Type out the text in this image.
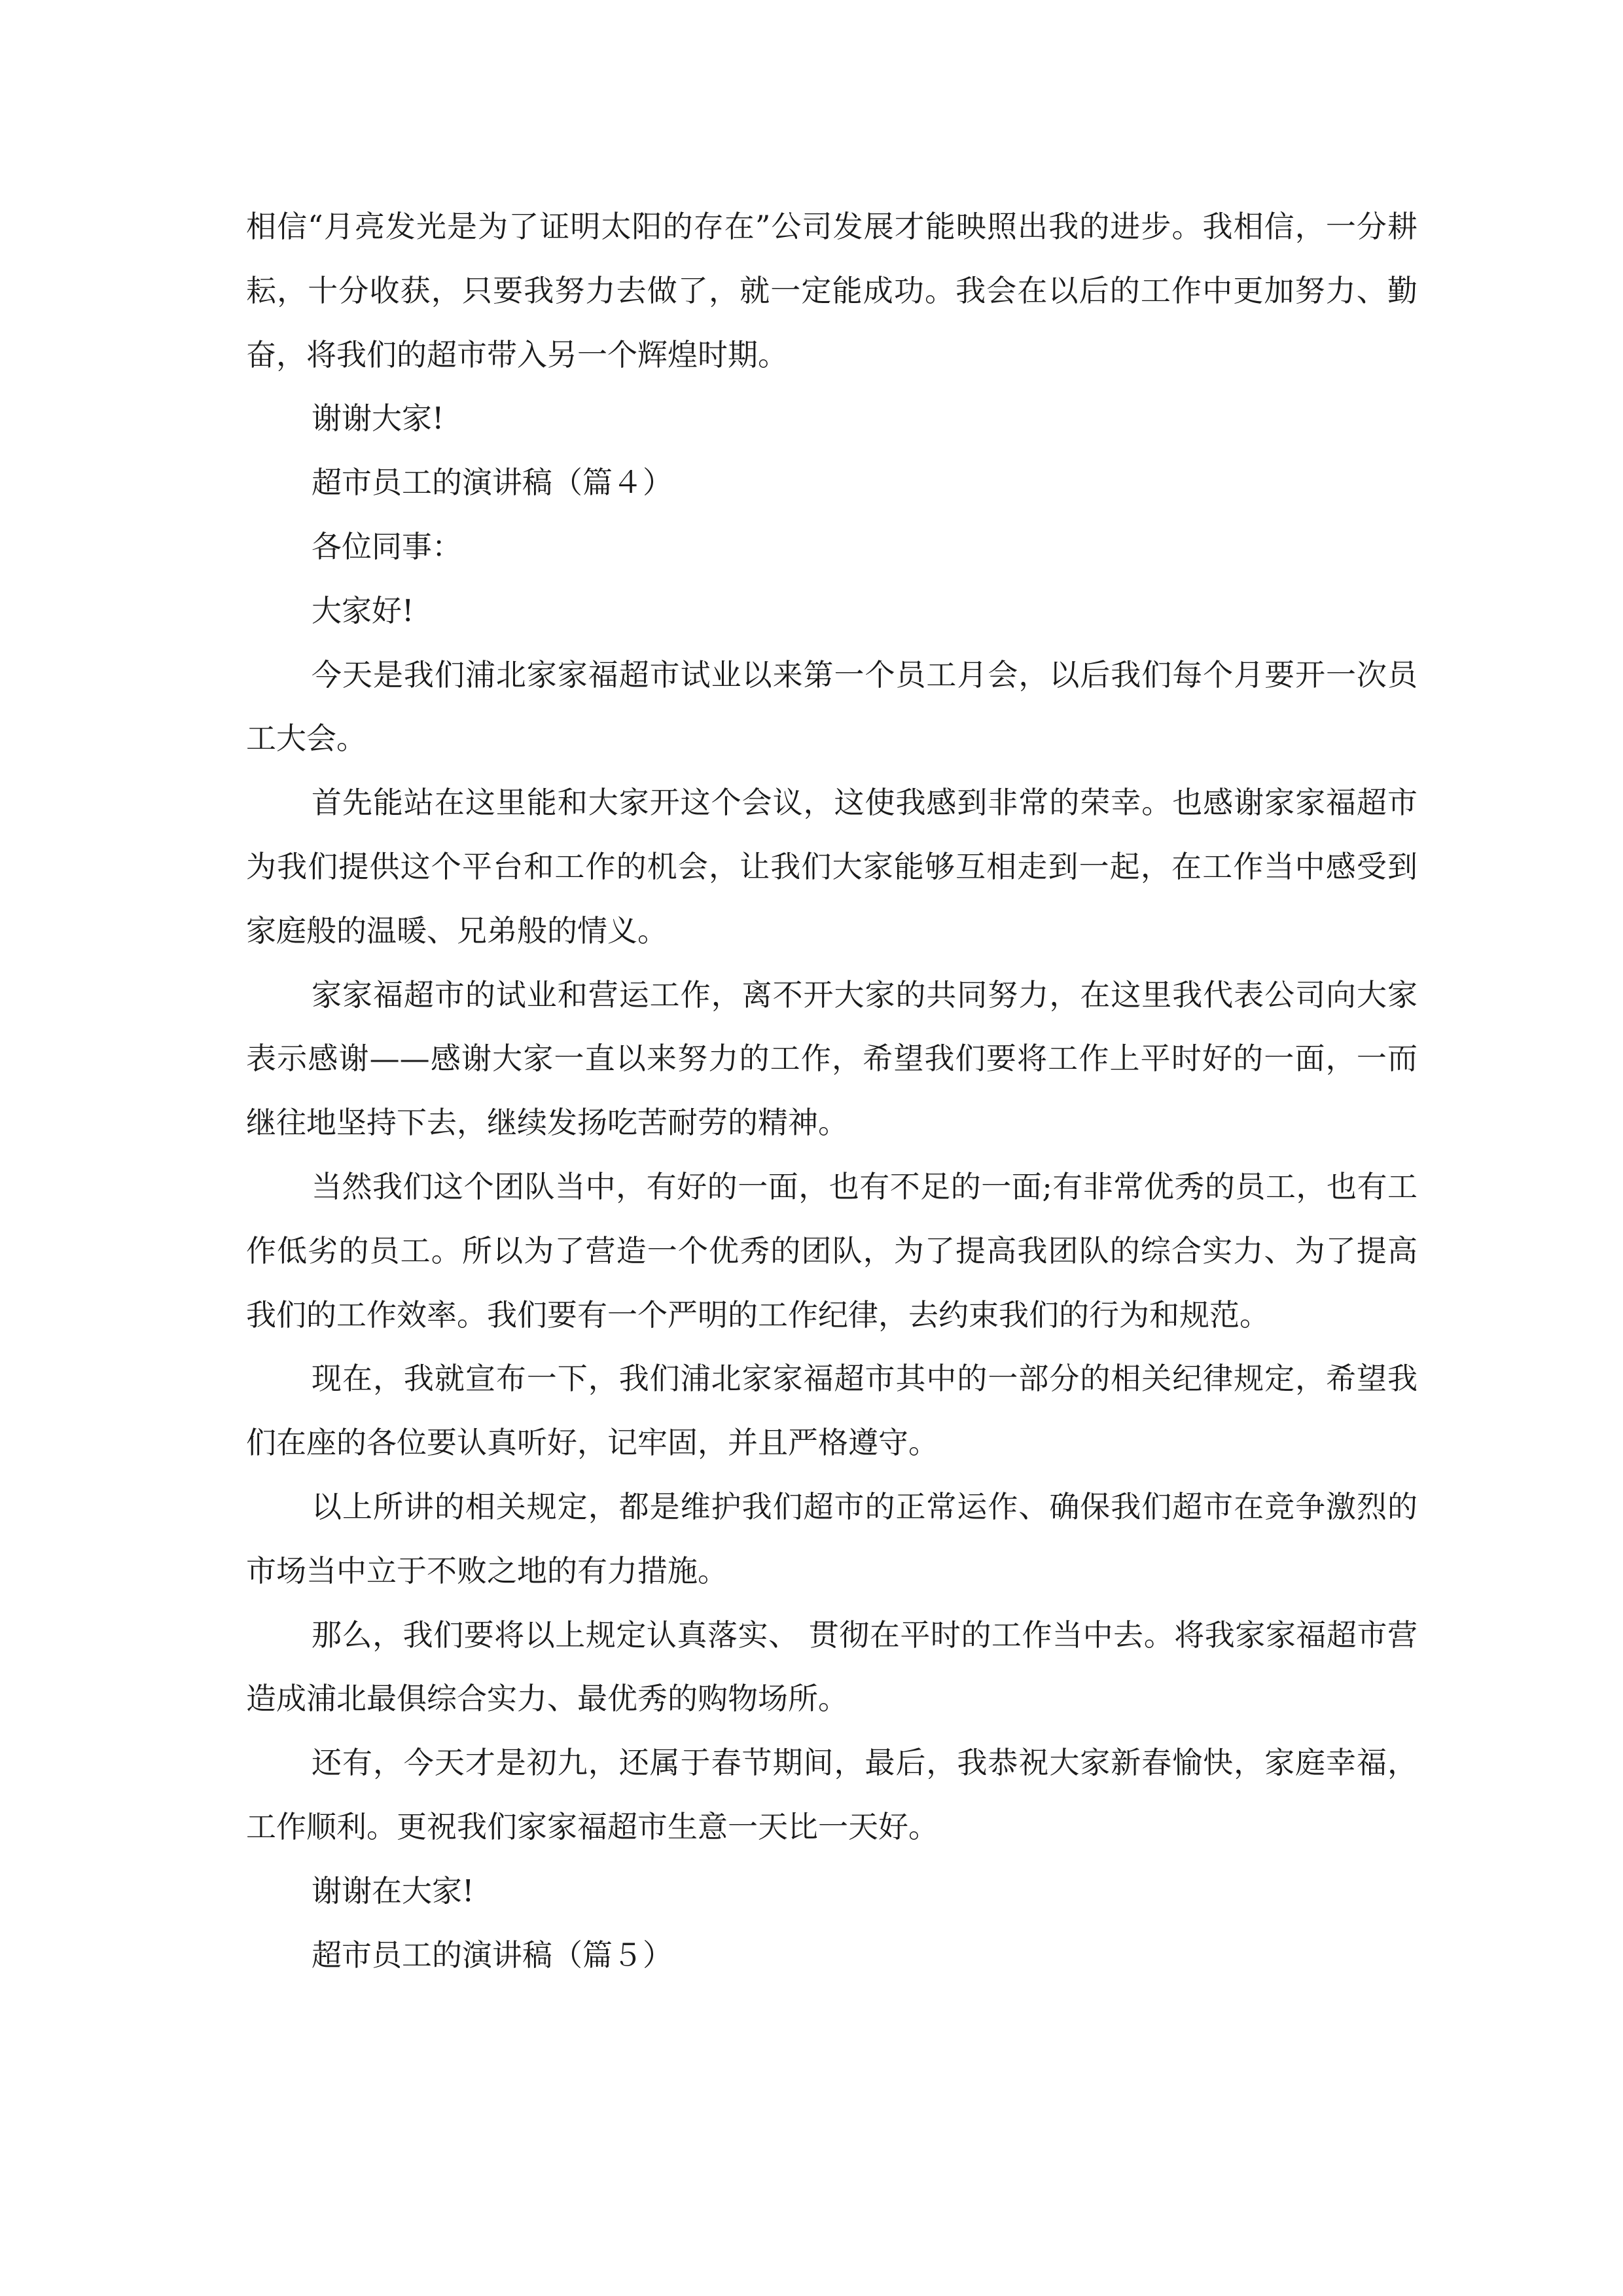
相信“月亮发光是为了证明太阳的存在”公司发展才能映照出我的进步。我相信，一分耕耘，十分收获，只要我努力去做了，就一定能成功。我会在以后的工作中更加努力、勤奋，将我们的超市带入另一个辉煌时期。

谢谢大家!

超市员工的演讲稿（篇４）

各位同事：

大家好!

今天是我们浦北家家福超市试业以来第一个员工月会，以后我们每个月要开一次员工大会。

首先能站在这里能和大家开这个会议，这使我感到非常的荣幸。也感谢家家福超市为我们提供这个平台和工作的机会，让我们大家能够互相走到一起，在工作当中感受到家庭般的温暖、兄弟般的情义。

家家福超市的试业和营运工作，离不开大家的共同努力，在这里我代表公司向大家表示感谢——感谢大家一直以来努力的工作，希望我们要将工作上平时好的一面，一而继往地坚持下去，继续发扬吃苦耐劳的精神。

当然我们这个团队当中，有好的一面，也有不足的一面;有非常优秀的员工，也有工作低劣的员工。所以为了营造一个优秀的团队，为了提高我团队的综合实力、为了提高我们的工作效率。我们要有一个严明的工作纪律，去约束我们的行为和规范。

现在，我就宣布一下，我们浦北家家福超市其中的一部分的相关纪律规定，希望我们在座的各位要认真听好，记牢固，并且严格遵守。

以上所讲的相关规定，都是维护我们超市的正常运作、确保我们超市在竞争激烈的市场当中立于不败之地的有力措施。

那么，我们要将以上规定认真落实、 贯彻在平时的工作当中去。将我家家福超市营造成浦北最俱综合实力、最优秀的购物场所。

还有，今天才是初九，还属于春节期间，最后，我恭祝大家新春愉快，家庭幸福，工作顺利。更祝我们家家福超市生意一天比一天好。

谢谢在大家!

超市员工的演讲稿（篇５）
